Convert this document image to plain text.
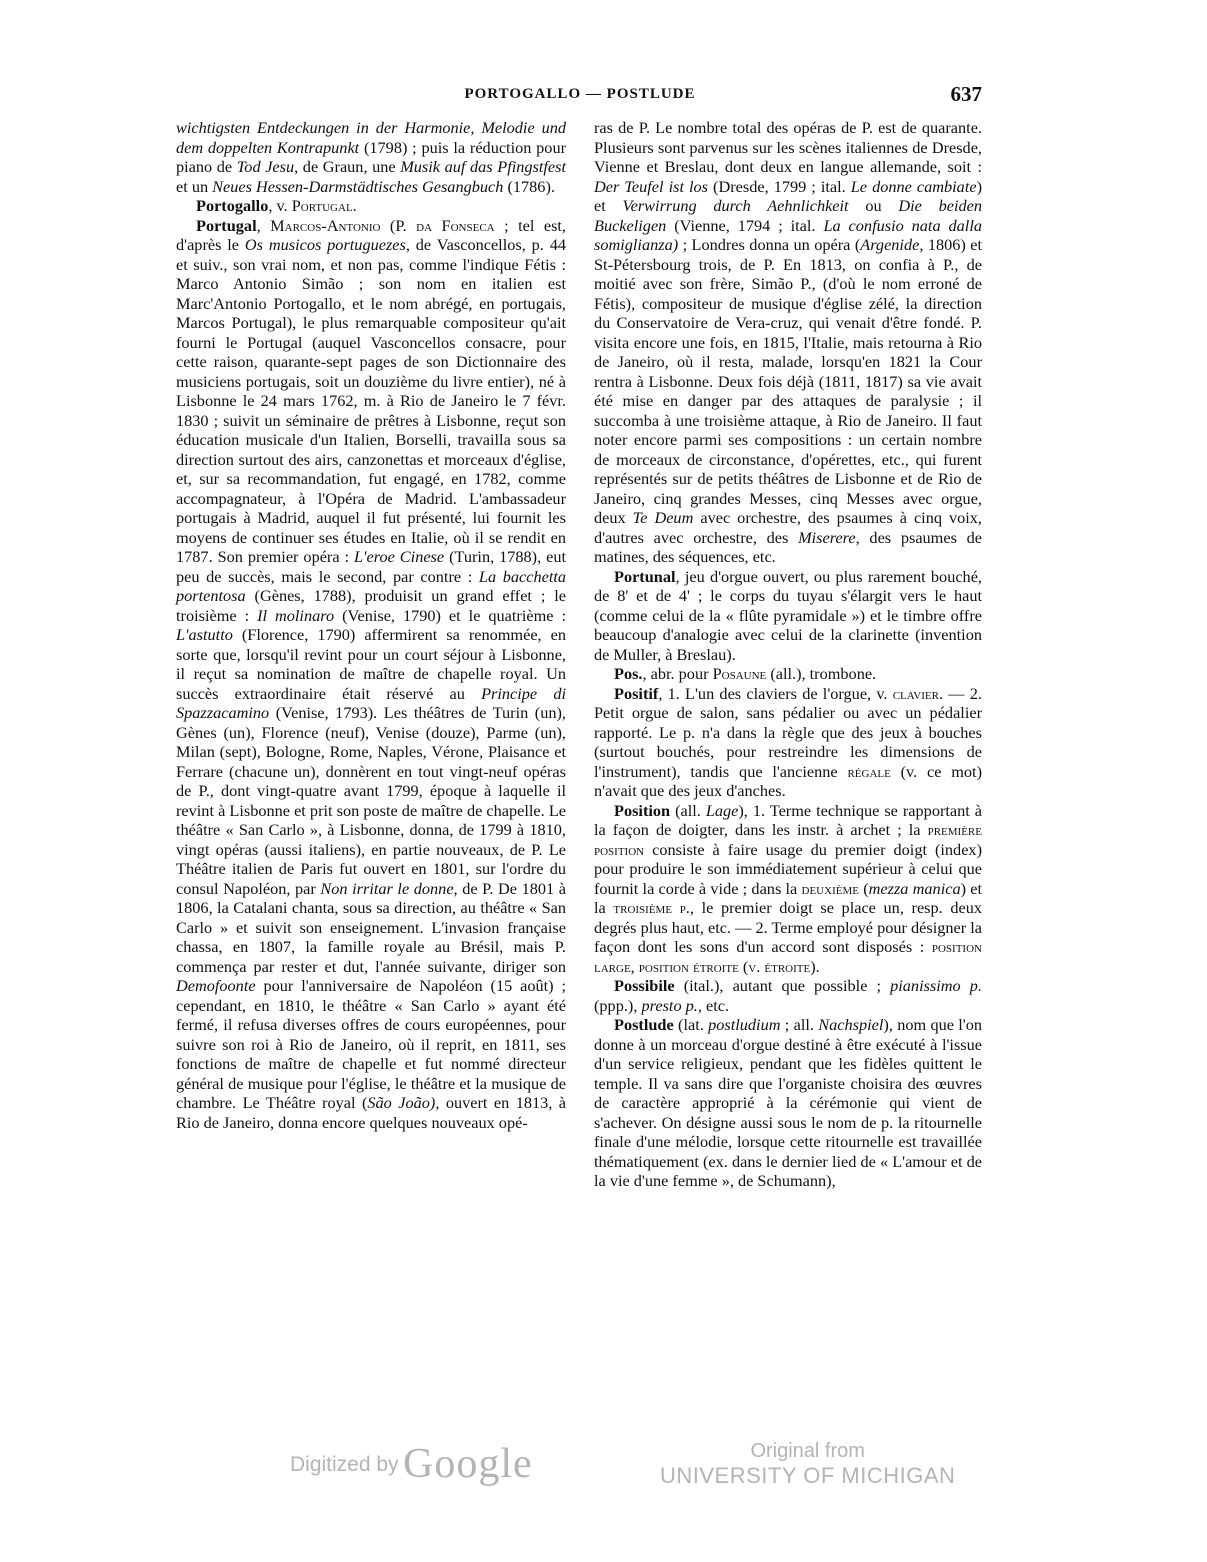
PORTOGALLO — POSTLUDE	637

wichtigsten Entdeckungen in der Harmonie, Melodie und dem doppelten Kontrapunkt (1798) ; puis la réduction pour piano de Tod Jesu, de Graun, une Musik auf das Pfingstfest et un Neues Hessen-Darmstädtisches Gesangbuch (1786).

Portogallo, v. Portugal.

Portugal, Marcos-Antonio (P. da Fonseca ; tel est, d'après le Os musicos portuguezes, de Vasconcellos, p. 44 et suiv., son vrai nom, et non pas, comme l'indique Fétis : Marco Antonio Simão ; son nom en italien est Marc'Antonio Portogallo, et le nom abrégé, en portugais, Marcos Portugal), le plus remarquable compositeur qu'ait fourni le Portugal (auquel Vasconcellos consacre, pour cette raison, quarante-sept pages de son Dictionnaire des musiciens portugais, soit un douzième du livre entier), né à Lisbonne le 24 mars 1762, m. à Rio de Janeiro le 7 févr. 1830 ; suivit un séminaire de prêtres à Lisbonne, reçut son éducation musicale d'un Italien, Borselli, travailla sous sa direction surtout des airs, canzonettas et morceaux d'église, et, sur sa recommandation, fut engagé, en 1782, comme accompagnateur, à l'Opéra de Madrid. L'ambassadeur portugais à Madrid, auquel il fut présenté, lui fournit les moyens de continuer ses études en Italie, où il se rendit en 1787. Son premier opéra : L'eroe Cinese (Turin, 1788), eut peu de succès, mais le second, par contre : La bacchetta portentosa (Gènes, 1788), produisit un grand effet ; le troisième : Il molinaro (Venise, 1790) et le quatrième : L'astutto (Florence, 1790) affermirent sa renommée, en sorte que, lorsqu'il revint pour un court séjour à Lisbonne, il reçut sa nomination de maître de chapelle royal. Un succès extraordinaire était réservé au Principe di Spazzacamino (Venise, 1793). Les théâtres de Turin (un), Gènes (un), Florence (neuf), Venise (douze), Parme (un), Milan (sept), Bologne, Rome, Naples, Vérone, Plaisance et Ferrare (chacune un), donnèrent en tout vingt-neuf opéras de P., dont vingt-quatre avant 1799, époque à laquelle il revint à Lisbonne et prit son poste de maître de chapelle. Le théâtre « San Carlo », à Lisbonne, donna, de 1799 à 1810, vingt opéras (aussi italiens), en partie nouveaux, de P. Le Théâtre italien de Paris fut ouvert en 1801, sur l'ordre du consul Napoléon, par Non irritar le donne, de P. De 1801 à 1806, la Catalani chanta, sous sa direction, au théâtre « San Carlo » et suivit son enseignement. L'invasion française chassa, en 1807, la famille royale au Brésil, mais P. commença par rester et dut, l'année suivante, diriger son Demofoonte pour l'anniversaire de Napoléon (15 août) ; cependant, en 1810, le théâtre « San Carlo » ayant été fermé, il refusa diverses offres de cours européennes, pour suivre son roi à Rio de Janeiro, où il reprit, en 1811, ses fonctions de maître de chapelle et fut nommé directeur général de musique pour l'église, le théâtre et la musique de chambre. Le Théâtre royal (São João), ouvert en 1813, à Rio de Janeiro, donna encore quelques nouveaux opé-

ras de P. Le nombre total des opéras de P. est de quarante. Plusieurs sont parvenus sur les scènes italiennes de Dresde, Vienne et Breslau, dont deux en langue allemande, soit : Der Teufel ist los (Dresde, 1799 ; ital. Le donne cambiate) et Verwirrung durch Aehnlichkeit ou Die beiden Buckeligen (Vienne, 1794 ; ital. La confusio nata dalla somiglianza) ; Londres donna un opéra (Argenide, 1806) et St-Pétersbourg trois, de P. En 1813, on confia à P., de moitié avec son frère, Simão P., (d'où le nom erroné de Fétis), compositeur de musique d'église zélé, la direction du Conservatoire de Vera-cruz, qui venait d'être fondé. P. visita encore une fois, en 1815, l'Italie, mais retourna à Rio de Janeiro, où il resta, malade, lorsqu'en 1821 la Cour rentra à Lisbonne. Deux fois déjà (1811, 1817) sa vie avait été mise en danger par des attaques de paralysie ; il succomba à une troisième attaque, à Rio de Janeiro. Il faut noter encore parmi ses compositions : un certain nombre de morceaux de circonstance, d'opérettes, etc., qui furent représentés sur de petits théâtres de Lisbonne et de Rio de Janeiro, cinq grandes Messes, cinq Messes avec orgue, deux Te Deum avec orchestre, des psaumes à cinq voix, d'autres avec orchestre, des Miserere, des psaumes de matines, des séquences, etc.

Portunal, jeu d'orgue ouvert, ou plus rarement bouché, de 8' et de 4' ; le corps du tuyau s'élargit vers le haut (comme celui de la « flûte pyramidale ») et le timbre offre beaucoup d'analogie avec celui de la clarinette (invention de Muller, à Breslau).

Pos., abr. pour Posaune (all.), trombone.

Positif, 1. L'un des claviers de l'orgue, v. clavier. — 2. Petit orgue de salon, sans pédalier ou avec un pédalier rapporté. Le p. n'a dans la règle que des jeux à bouches (surtout bouchés, pour restreindre les dimensions de l'instrument), tandis que l'ancienne régale (v. ce mot) n'avait que des jeux d'anches.

Position (all. Lage), 1. Terme technique se rapportant à la façon de doigter, dans les instr. à archet ; la première position consiste à faire usage du premier doigt (index) pour produire le son immédiatement supérieur à celui que fournit la corde à vide ; dans la deuxième (mezza manica) et la troisième p., le premier doigt se place un, resp. deux degrés plus haut, etc. — 2. Terme employé pour désigner la façon dont les sons d'un accord sont disposés : position large, position étroite (v. étroite).

Possibile (ital.), autant que possible ; pianissimo p. (ppp.), presto p., etc.

Postlude (lat. postludium ; all. Nachspiel), nom que l'on donne à un morceau d'orgue destiné à être exécuté à l'issue d'un service religieux, pendant que les fidèles quittent le temple. Il va sans dire que l'organiste choisira des œuvres de caractère approprié à la cérémonie qui vient de s'achever. On désigne aussi sous le nom de p. la ritournelle finale d'une mélodie, lorsque cette ritournelle est travaillée thématiquement (ex. dans le dernier lied de « L'amour et de la vie d'une femme », de Schumann),

Digitized by Google	Original from
UNIVERSITY OF MICHIGAN
